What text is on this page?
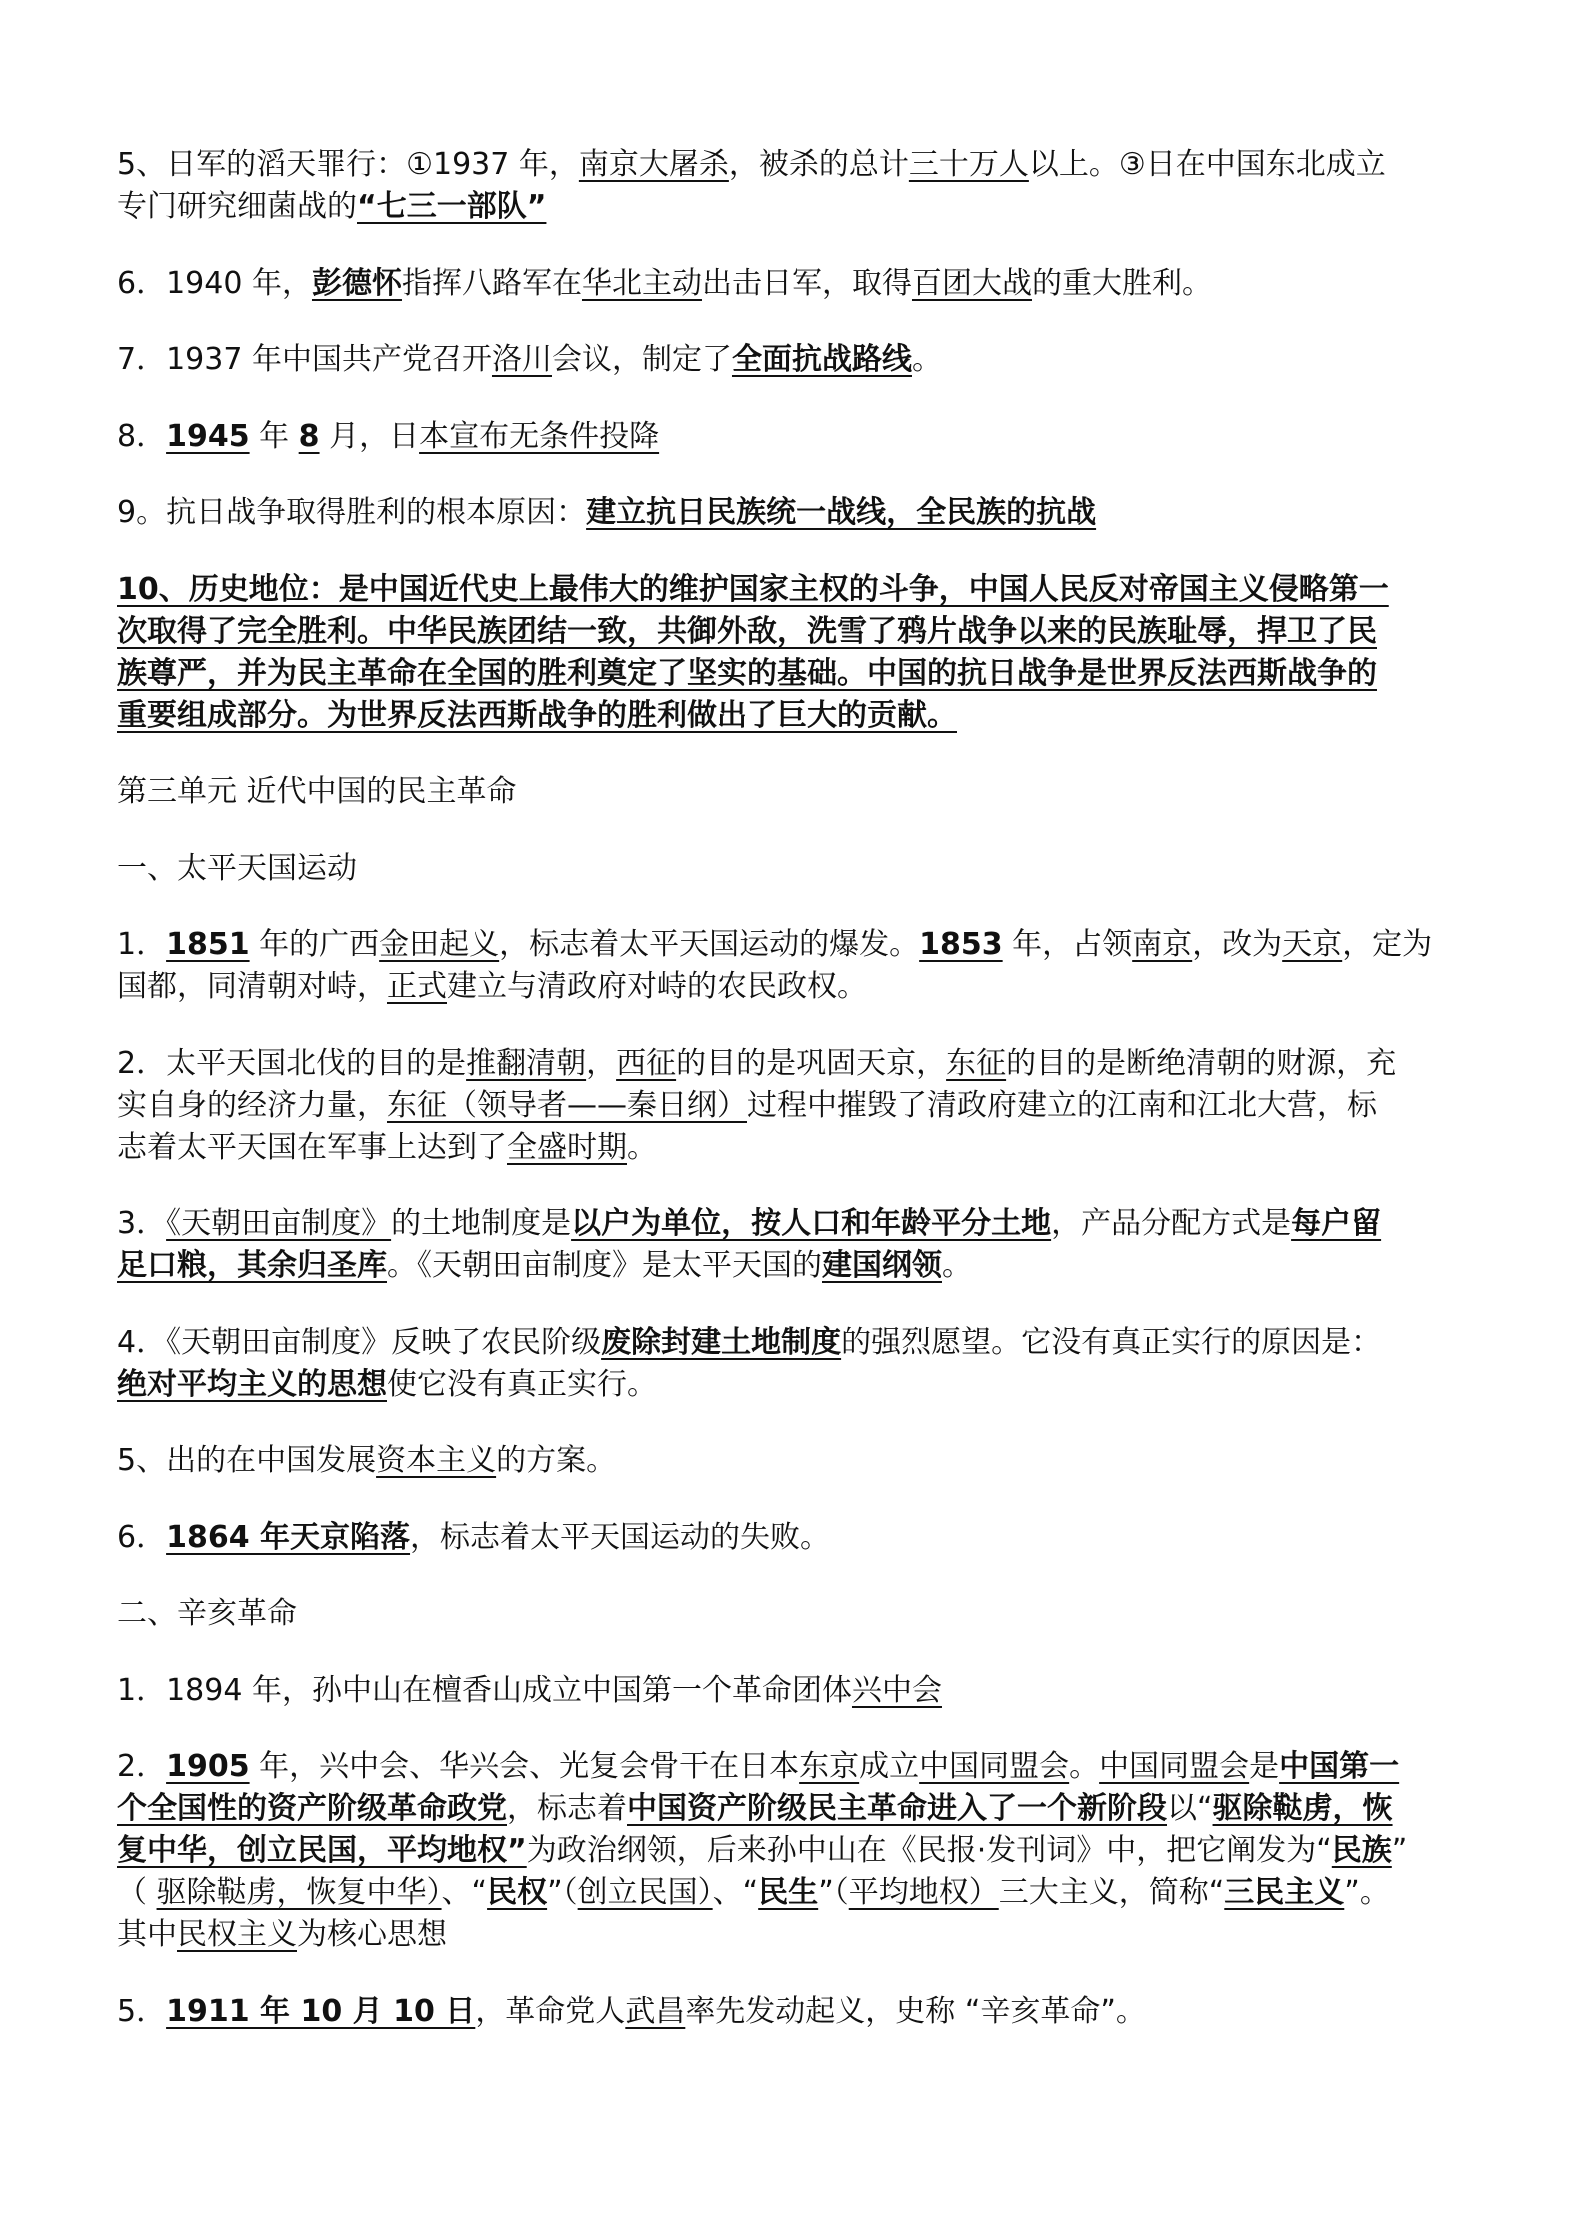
5、日军的滔天罪行：①1937 年，南京大屠杀，被杀的总计三十万人以上。③日在中国东北成立
专门研究细菌战的“七三一部队”
6．1940 年，彭德怀指挥八路军在华北主动出击日军，取得百团大战的重大胜利。
7．1937 年中国共产党召开洛川会议，制定了全面抗战路线。
8．1945 年 8 月，日本宣布无条件投降
9。抗日战争取得胜利的根本原因：建立抗日民族统一战线，全民族的抗战
10、历史地位：是中国近代史上最伟大的维护国家主权的斗争，中国人民反对帝国主义侵略第一
次取得了完全胜利。中华民族团结一致，共御外敌，洗雪了鸦片战争以来的民族耻辱，捍卫了民
族尊严，并为民主革命在全国的胜利奠定了坚实的基础。中国的抗日战争是世界反法西斯战争的
重要组成部分。为世界反法西斯战争的胜利做出了巨大的贡献。
第三单元 近代中国的民主革命
一、太平天国运动
1．1851 年的广西金田起义，标志着太平天国运动的爆发。1853 年，占领南京，改为天京，定为
国都，同清朝对峙，正式建立与清政府对峙的农民政权。
2．太平天国北伐的目的是推翻清朝，西征的目的是巩固天京，东征的目的是断绝清朝的财源，充
实自身的经济力量，东征（领导者——秦日纲）过程中摧毁了清政府建立的江南和江北大营，标
志着太平天国在军事上达到了全盛时期。
3．《天朝田亩制度》的土地制度是以户为单位，按人口和年龄平分土地，产品分配方式是每户留
足口粮，其余归圣库。《天朝田亩制度》是太平天国的建国纲领。
4．《天朝田亩制度》反映了农民阶级废除封建土地制度的强烈愿望。它没有真正实行的原因是：
绝对平均主义的思想使它没有真正实行。
5、出的在中国发展资本主义的方案。
6．1864 年天京陷落，标志着太平天国运动的失败。
二、辛亥革命
1．1894 年，孙中山在檀香山成立中国第一个革命团体兴中会
2．1905 年，兴中会、华兴会、光复会骨干在日本东京成立中国同盟会。中国同盟会是中国第一
个全国性的资产阶级革命政党，标志着中国资产阶级民主革命进入了一个新阶段以“驱除鞑虏，恢
复中华，创立民国，平均地权”为政治纲领，后来孙中山在《民报·发刊词》中，把它阐发为“民族”
（ 驱除鞑虏，恢复中华）、“民权”（创立民国）、“民生”（平均地权）三大主义，简称“三民主义”。
其中民权主义为核心思想
5．1911 年 10 月 10 日，革命党人武昌率先发动起义，史称 “辛亥革命”。
